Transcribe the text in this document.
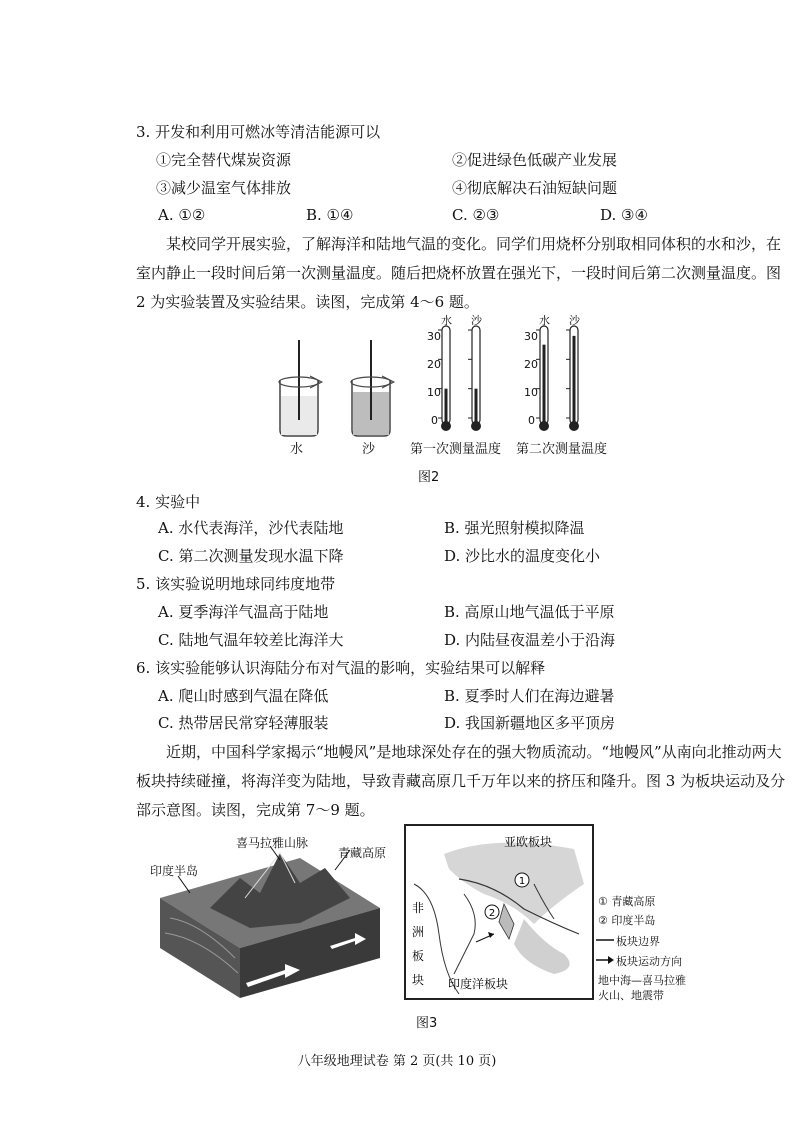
3. 开发和利用可燃冰等清洁能源可以
①完全替代煤炭资源	②促进绿色低碳产业发展
③减少温室气体排放	④彻底解决石油短缺问题
A. ①②	B. ①④	C. ②③	D. ③④
某校同学开展实验，了解海洋和陆地气温的变化。同学们用烧杯分别取相同体积的水和沙，在室内静止一段时间后第一次测量温度。随后把烧杯放置在强光下，一段时间后第二次测量温度。图 2 为实验装置及实验结果。读图，完成第 4～6 题。
水	沙	第一次测量温度 第二次测量温度
水 沙	水 沙
30
20
10
0
30
20
10
0
图2
4. 实验中
A. 水代表海洋，沙代表陆地	B. 强光照射模拟降温
C. 第二次测量发现水温下降	D. 沙比水的温度变化小
5. 该实验说明地球同纬度地带
A. 夏季海洋气温高于陆地	B. 高原山地气温低于平原
C. 陆地气温年较差比海洋大	D. 内陆昼夜温差小于沿海
6. 该实验能够认识海陆分布对气温的影响，实验结果可以解释
A. 爬山时感到气温在降低	B. 夏季时人们在海边避暑
C. 热带居民常穿轻薄服装	D. 我国新疆地区多平顶房
近期，中国科学家揭示“地幔风”是地球深处存在的强大物质流动。“地幔风”从南向北推动两大板块持续碰撞，将海洋变为陆地，导致青藏高原几千万年以来的挤压和隆升。图 3 为板块运动及分部示意图。读图，完成第 7～9 题。
喜马拉雅山脉
青藏高原
印度半岛
1
2
亚欧板块
非
洲
板
块 印度洋板块
① 青藏高原
② 印度半岛
板块边界
板块运动方向
地中海—喜马拉雅
火山、地震带
图3
八年级地理试卷 第 2 页(共 10 页)
